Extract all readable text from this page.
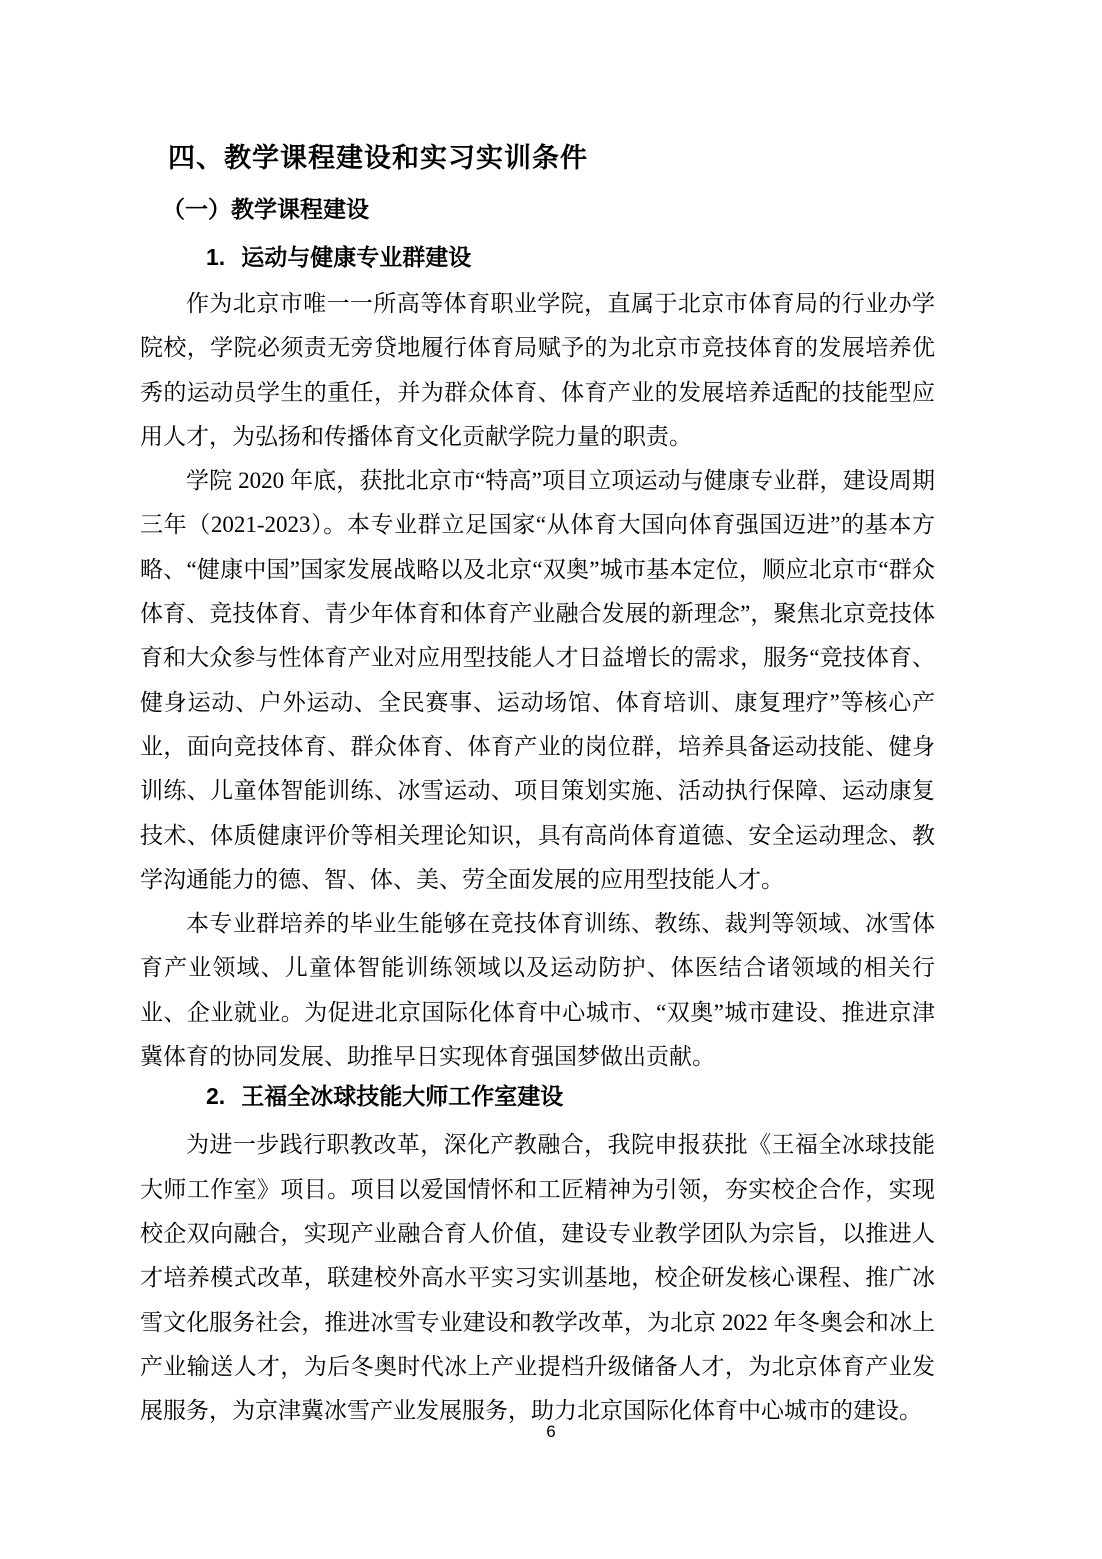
四、教学课程建设和实习实训条件
（一）教学课程建设
1. 运动与健康专业群建设

作为北京市唯一一所高等体育职业学院，直属于北京市体育局的行业办学院校，学院必须责无旁贷地履行体育局赋予的为北京市竞技体育的发展培养优秀的运动员学生的重任，并为群众体育、体育产业的发展培养适配的技能型应用人才，为弘扬和传播体育文化贡献学院力量的职责。

学院 2020 年底，获批北京市“特高”项目立项运动与健康专业群，建设周期三年（2021-2023）。本专业群立足国家“从体育大国向体育强国迈进”的基本方略、“健康中国”国家发展战略以及北京“双奥”城市基本定位，顺应北京市“群众体育、竞技体育、青少年体育和体育产业融合发展的新理念”，聚焦北京竞技体育和大众参与性体育产业对应用型技能人才日益增长的需求，服务“竞技体育、健身运动、户外运动、全民赛事、运动场馆、体育培训、康复理疗”等核心产业，面向竞技体育、群众体育、体育产业的岗位群，培养具备运动技能、健身训练、儿童体智能训练、冰雪运动、项目策划实施、活动执行保障、运动康复技术、体质健康评价等相关理论知识，具有高尚体育道德、安全运动理念、教学沟通能力的德、智、体、美、劳全面发展的应用型技能人才。

本专业群培养的毕业生能够在竞技体育训练、教练、裁判等领域、冰雪体育产业领域、儿童体智能训练领域以及运动防护、体医结合诸领域的相关行业、企业就业。为促进北京国际化体育中心城市、“双奥”城市建设、推进京津冀体育的协同发展、助推早日实现体育强国梦做出贡献。

2. 王福全冰球技能大师工作室建设

为进一步践行职教改革，深化产教融合，我院申报获批《王福全冰球技能大师工作室》项目。项目以爱国情怀和工匠精神为引领，夯实校企合作，实现校企双向融合，实现产业融合育人价值，建设专业教学团队为宗旨，以推进人才培养模式改革，联建校外高水平实习实训基地，校企研发核心课程、推广冰雪文化服务社会，推进冰雪专业建设和教学改革，为北京 2022 年冬奥会和冰上产业输送人才，为后冬奥时代冰上产业提档升级储备人才，为北京体育产业发展服务，为京津冀冰雪产业发展服务，助力北京国际化体育中心城市的建设。

6
